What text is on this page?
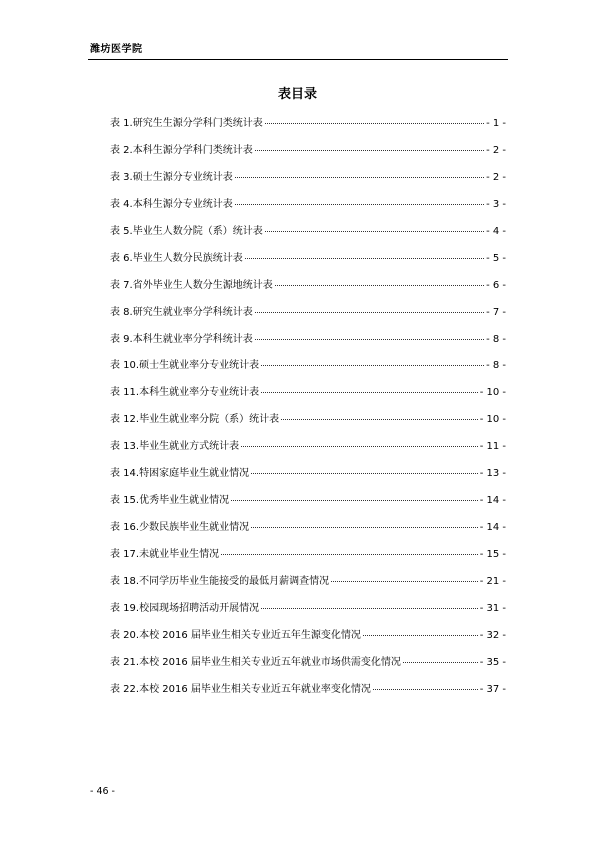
潍坊医学院
表目录
表 1.研究生生源分学科门类统计表	- 1 -
表 2.本科生源分学科门类统计表	- 2 -
表 3.硕士生源分专业统计表	- 2 -
表 4.本科生源分专业统计表	- 3 -
表 5.毕业生人数分院（系）统计表	- 4 -
表 6.毕业生人数分民族统计表	- 5 -
表 7.省外毕业生人数分生源地统计表	- 6 -
表 8.研究生就业率分学科统计表	- 7 -
表 9.本科生就业率分学科统计表	- 8 -
表 10.硕士生就业率分专业统计表	- 8 -
表 11.本科生就业率分专业统计表	- 10 -
表 12.毕业生就业率分院（系）统计表	- 10 -
表 13.毕业生就业方式统计表	- 11 -
表 14.特困家庭毕业生就业情况	- 13 -
表 15.优秀毕业生就业情况	- 14 -
表 16.少数民族毕业生就业情况	- 14 -
表 17.未就业毕业生情况	- 15 -
表 18.不同学历毕业生能接受的最低月薪调查情况	- 21 -
表 19.校园现场招聘活动开展情况	- 31 -
表 20.本校 2016 届毕业生相关专业近五年生源变化情况	- 32 -
表 21.本校 2016 届毕业生相关专业近五年就业市场供需变化情况	- 35 -
表 22.本校 2016 届毕业生相关专业近五年就业率变化情况	- 37 -
- 46 -
